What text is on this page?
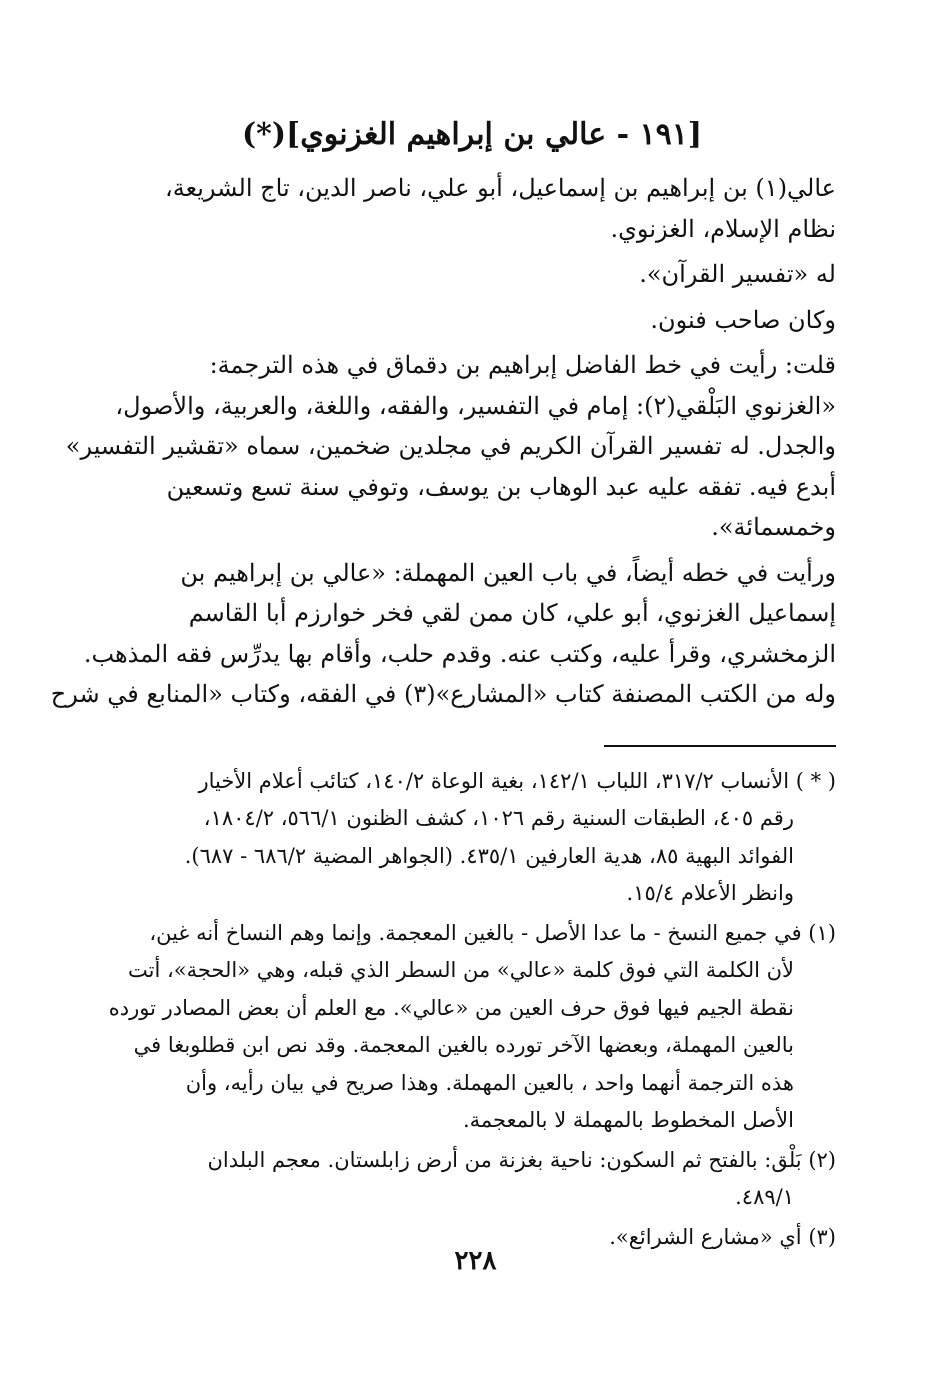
[١٩١ - عالي بن إبراهيم الغزنوي](*)
عالي(١) بن إبراهيم بن إسماعيل، أبو علي، ناصر الدين، تاج الشريعة،
نظام الإسلام، الغزنوي.
له «تفسير القرآن».
وكان صاحب فنون.
قلت: رأيت في خط الفاضل إبراهيم بن دقماق في هذه الترجمة:
«الغزنوي البَلْقي(٢): إمام في التفسير، والفقه، واللغة، والعربية، والأصول،
والجدل. له تفسير القرآن الكريم في مجلدين ضخمين، سماه «تقشير التفسير»
أبدع فيه. تفقه عليه عبد الوهاب بن يوسف، وتوفي سنة تسع وتسعين
وخمسمائة».
ورأيت في خطه أيضاً، في باب العين المهملة: «عالي بن إبراهيم بن
إسماعيل الغزنوي، أبو علي، كان ممن لقي فخر خوارزم أبا القاسم
الزمخشري، وقرأ عليه، وكتب عنه. وقدم حلب، وأقام بها يدرِّس فقه المذهب.
وله من الكتب المصنفة كتاب «المشارع»(٣) في الفقه، وكتاب «المنابع في شرح
( * ) الأنساب ٣١٧/٢، اللباب ١٤٢/١، بغية الوعاة ١٤٠/٢، كتائب أعلام الأخيار
رقم ٤٠٥، الطبقات السنية رقم ١٠٢٦، كشف الظنون ٥٦٦/١، ١٨٠٤/٢،
الفوائد البهية ٨٥، هدية العارفين ٤٣٥/١. (الجواهر المضية ٦٨٦/٢ - ٦٨٧).
وانظر الأعلام ١٥/٤.
(١) في جميع النسخ - ما عدا الأصل - بالغين المعجمة. وإنما وهم النساخ أنه غين،
لأن الكلمة التي فوق كلمة «عالي» من السطر الذي قبله، وهي «الحجة»، أتت
نقطة الجيم فيها فوق حرف العين من «عالي». مع العلم أن بعض المصادر تورده
بالعين المهملة، وبعضها الآخر تورده بالغين المعجمة. وقد نص ابن قطلوبغا في
هذه الترجمة أنهما واحد ، بالعين المهملة. وهذا صريح في بيان رأيه، وأن
الأصل المخطوط بالمهملة لا بالمعجمة.
(٢) بَلْق: بالفتح ثم السكون: ناحية بغزنة من أرض زابلستان. معجم البلدان
٤٨٩/١.
(٣) أي «مشارع الشرائع».
٢٢٨
